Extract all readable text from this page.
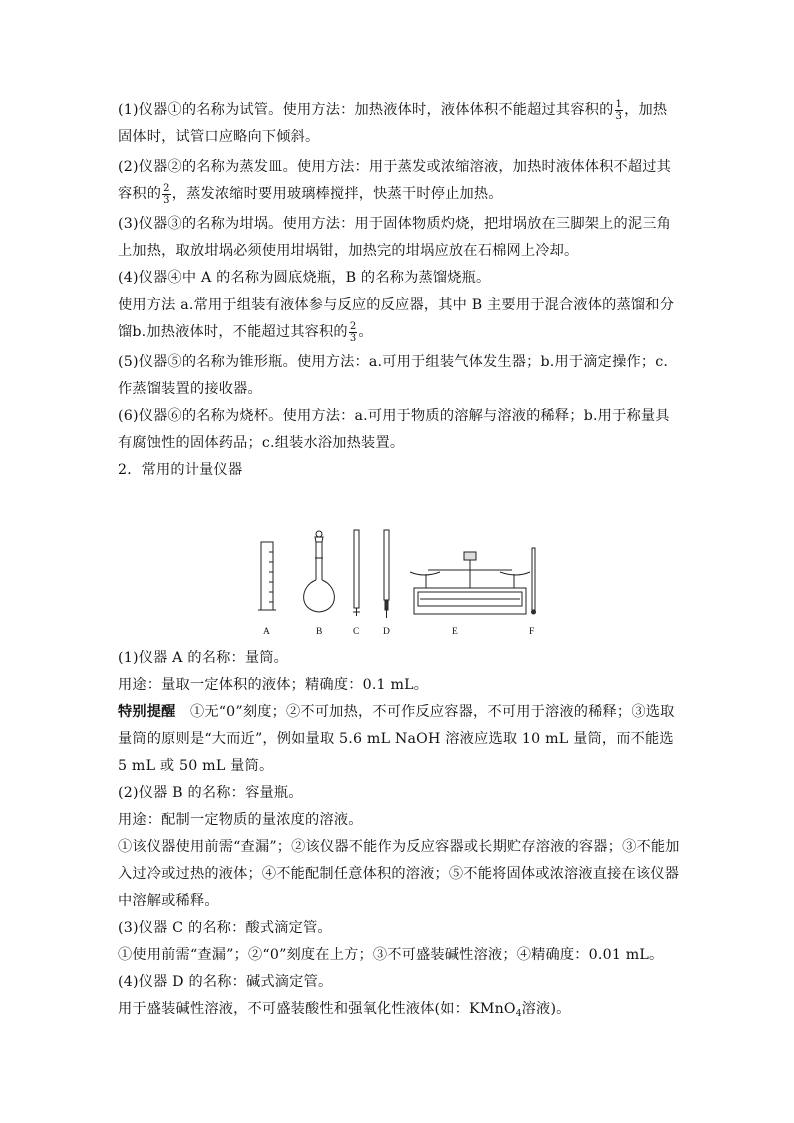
(1)仪器①的名称为试管。使用方法：加热液体时，液体体积不能超过其容积的 $\frac{1}{3}$ ，加热固体时，试管口应略向下倾斜。

(2)仪器②的名称为蒸发皿。使用方法：用于蒸发或浓缩溶液，加热时液体体积不超过其容积的 $\frac{2}{3}$ ，蒸发浓缩时要用玻璃棒搅拌，快蒸干时停止加热。

(3)仪器③的名称为坩埚。使用方法：用于固体物质灼烧，把坩埚放在三脚架上的泥三角上加热，取放坩埚必须使用坩埚钳，加热完的坩埚应放在石棉网上冷却。

(4)仪器④中 A 的名称为圆底烧瓶，B 的名称为蒸馏烧瓶。

使用方法 a.常用于组装有液体参与反应的反应器，其中 B 主要用于混合液体的蒸馏和分馏b.加热液体时，不能超过其容积的 $\frac{2}{3}$ 。

(5)仪器⑤的名称为锥形瓶。使用方法：a.可用于组装气体发生器；b.用于滴定操作；c.作蒸馏装置的接收器。

(6)仪器⑥的名称为烧杯。使用方法：a.可用于物质的溶解与溶液的稀释；b.用于称量具有腐蚀性的固体药品；c.组装水浴加热装置。

2．常用的计量仪器

A	B	C D	E	F

(1)仪器 A 的名称：量筒。

用途：量取一定体积的液体；精确度：0.1 mL。

特别提醒　①无“0”刻度；②不可加热，不可作反应容器，不可用于溶液的稀释；③选取量筒的原则是“大而近”，例如量取 5.6 mL NaOH 溶液应选取 10 mL 量筒，而不能选 5 mL 或 50 mL 量筒。

(2)仪器 B 的名称：容量瓶。

用途：配制一定物质的量浓度的溶液。

①该仪器使用前需“查漏”；②该仪器不能作为反应容器或长期贮存溶液的容器；③不能加入过冷或过热的液体；④不能配制任意体积的溶液；⑤不能将固体或浓溶液直接在该仪器中溶解或稀释。

(3)仪器 C 的名称：酸式滴定管。

①使用前需“查漏”；②“0”刻度在上方；③不可盛装碱性溶液；④精确度：0.01 mL。

(4)仪器 D 的名称：碱式滴定管。

用于盛装碱性溶液，不可盛装酸性和强氧化性液体(如：KMnO$_4$溶液)。
